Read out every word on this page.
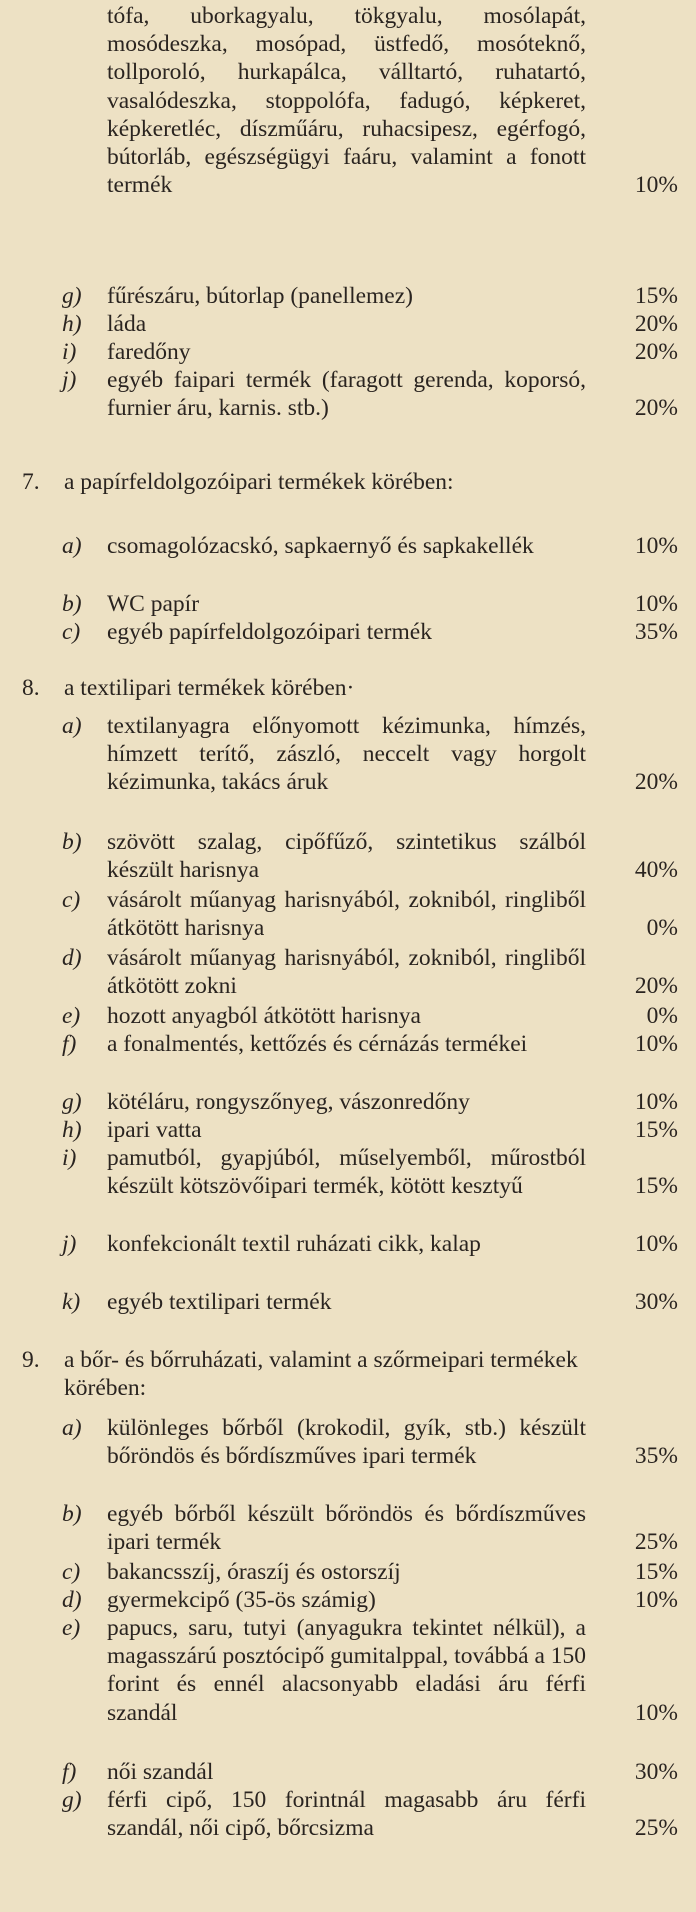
tófa, uborkagyalu, tökgyalu, mosólapát, mosódeszka, mosópad, üstfedő, mosóteknő, tollporoló, hurkapálca, válltartó, ruhatartó, vasalódeszka, stoppolófa, fadugó, képkeret, képkeretléc, díszműáru, ruhacsipesz, egérfogó, bútorláb, egészségügyi faáru, valamint a fonott termék	10%
g)	fűrészáru, bútorlap (panellemez)	15%
h)	láda	20%
i)	faredőny	20%
j)	egyéb faipari termék (faragott gerenda, koporsó, furnier áru, karnis. stb.)	20%
7. a papírfeldolgozóipari termékek körében:
a)	csomagolózacskó, sapkaernyő és sapkakellék	10%
b)	WC papír	10%
c)	egyéb papírfeldolgozóipari termék	35%
8. a textilipari termékek körében·
a)	textilanyagra előnyomott kézimunka, hímzés, hímzett terítő, zászló, neccelt vagy horgolt kézimunka, takács áruk	20%
b)	szövött szalag, cipőfűző, szintetikus szálból készült harisnya	40%
c)	vásárolt műanyag harisnyából, zokniból, ringliből átkötött harisnya	0%
d)	vásárolt műanyag harisnyából, zokniból, ringliből átkötött zokni	20%
e)	hozott anyagból átkötött harisnya	0%
f)	a fonalmentés, kettőzés és cérnázás termékei	10%
g)	kötéláru, rongyszőnyeg, vászonredőny	10%
h)	ipari vatta	15%
i)	pamutból, gyapjúból, műselyemből, műrostból készült kötszövőipari termék, kötött kesztyű	15%
j)	konfekcionált textil ruházati cikk, kalap	10%
k)	egyéb textilipari termék	30%
9. a bőr- és bőrruházati, valamint a szőrmeipari termékek körében:
a)	különleges bőrből (krokodil, gyík, stb.) készült bőröndös és bőrdíszműves ipari termék	35%
b)	egyéb bőrből készült bőröndös és bőrdíszműves ipari termék	25%
c)	bakancsszíj, óraszíj és ostorszíj	15%
d)	gyermekcipő (35-ös számig)	10%
e)	papucs, saru, tutyi (anyagukra tekintet nélkül), a magasszárú posztócipő gumitalppal, továbbá a 150 forint és ennél alacsonyabb eladási áru férfi szandál	10%
f)	női szandál	30%
g)	férfi cipő, 150 forintnál magasabb áru férfi szandál, női cipő, bőrcsizma	25%
